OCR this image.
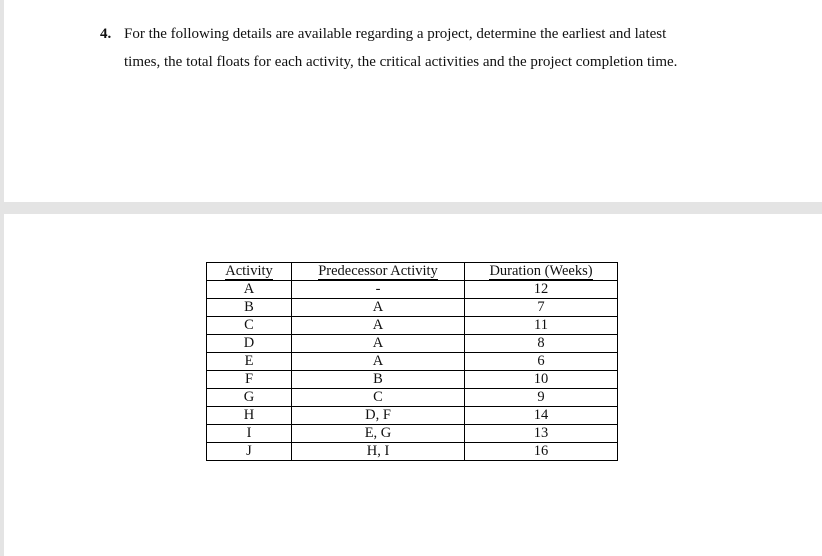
4. For the following details are available regarding a project, determine the earliest and latest
times, the total floats for each activity, the critical activities and the project completion time.
Activity	Predecessor Activity	Duration (Weeks)
A	-	12
B	A	7
C	A	11
D	A	8
E	A	6
F	B	10
G	C	9
H	D, F	14
I	E, G	13
J	H, I	16
